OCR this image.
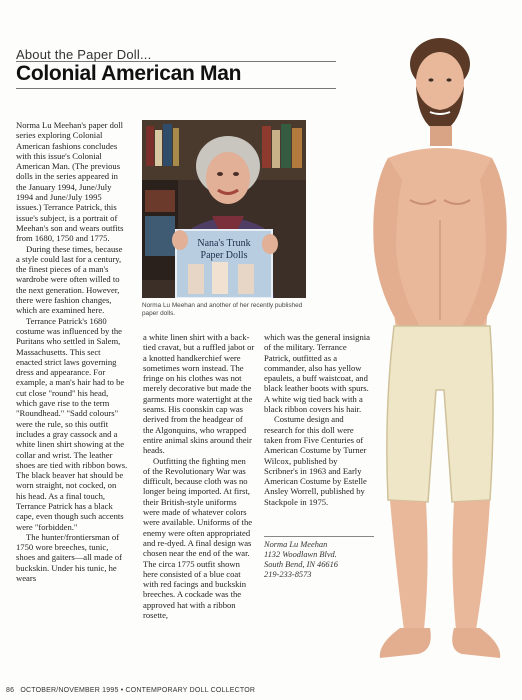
About the Paper Doll...
Colonial American Man

Norma Lu Meehan's paper doll series exploring Colonial American fashions concludes with this issue's Colonial American Man. (The previous dolls in the series appeared in the January 1994, June/July 1994 and June/July 1995 issues.) Terrance Patrick, this issue's subject, is a portrait of Meehan's son and wears outfits from 1680, 1750 and 1775.

During these times, because a style could last for a century, the finest pieces of a man's wardrobe were often willed to the next generation. However, there were fashion changes, which are examined here.

Terrance Patrick's 1680 costume was influenced by the Puritans who settled in Salem, Massachusetts. This sect enacted strict laws governing dress and appearance. For example, a man's hair had to be cut close "round" his head, which gave rise to the term "Roundhead." "Sadd colours" were the rule, so this outfit includes a gray cassock and a white linen shirt showing at the collar and wrist. The leather shoes are tied with ribbon bows. The black beaver hat should be worn straight, not cocked, on his head. As a final touch, Terrance Patrick has a black cape, even though such accents were "forbidden."

The hunter/frontiersman of 1750 wore breeches, tunic, shoes and gaiters—all made of buckskin. Under his tunic, he wears

Nana's Trunk
Paper Dolls
Norma Lu Meehan and another of her recently published paper dolls.

a white linen shirt with a back-tied cravat, but a ruffled jabot or a knotted handkerchief were sometimes worn instead. The fringe on his clothes was not merely decorative but made the garments more watertight at the seams. His coonskin cap was derived from the headgear of the Algonquins, who wrapped entire animal skins around their heads.

Outfitting the fighting men of the Revolutionary War was difficult, because cloth was no longer being imported. At first, their British-style uniforms were made of whatever colors were available. Uniforms of the enemy were often appropriated and re-dyed. A final design was chosen near the end of the war. The circa 1775 outfit shown here consisted of a blue coat with red facings and buckskin breeches. A cockade was the approved hat with a ribbon rosette,

which was the general insignia of the military. Terrance Patrick, outfitted as a commander, also has yellow epaulets, a buff waistcoat, and black leather boots with spurs. A white wig tied back with a black ribbon covers his hair.

Costume design and research for this doll were taken from Five Centuries of American Costume by Turner Wilcox, published by Scribner's in 1963 and Early American Costume by Estelle Ansley Worrell, published by Stackpole in 1975.

Norma Lu Meehan
1132 Woodlawn Blvd.
South Bend, IN 46616
219-233-8573
86 OCTOBER/NOVEMBER 1995 • CONTEMPORARY DOLL COLLECTOR
